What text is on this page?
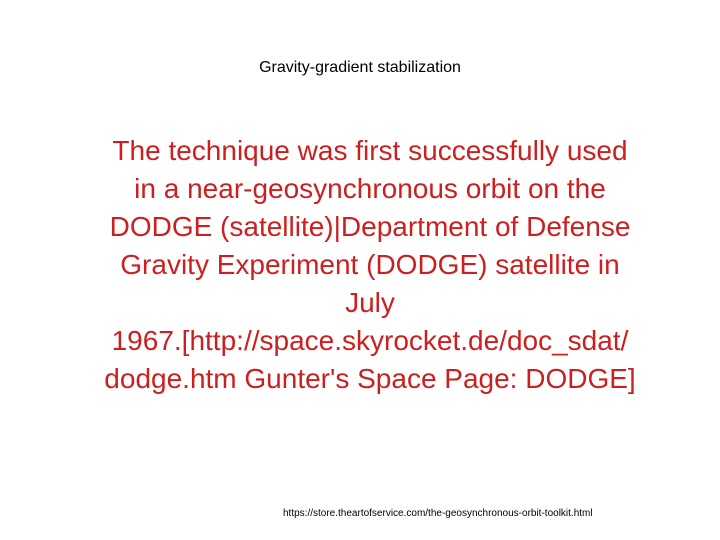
Gravity-gradient stabilization
The technique was first successfully used
in a near-geosynchronous orbit on the
DODGE (satellite)|Department of Defense
Gravity Experiment (DODGE) satellite in
July
1967.[http://space.skyrocket.de/doc_sdat/
dodge.htm Gunter's Space Page: DODGE]
https://store.theartofservice.com/the-geosynchronous-orbit-toolkit.html
